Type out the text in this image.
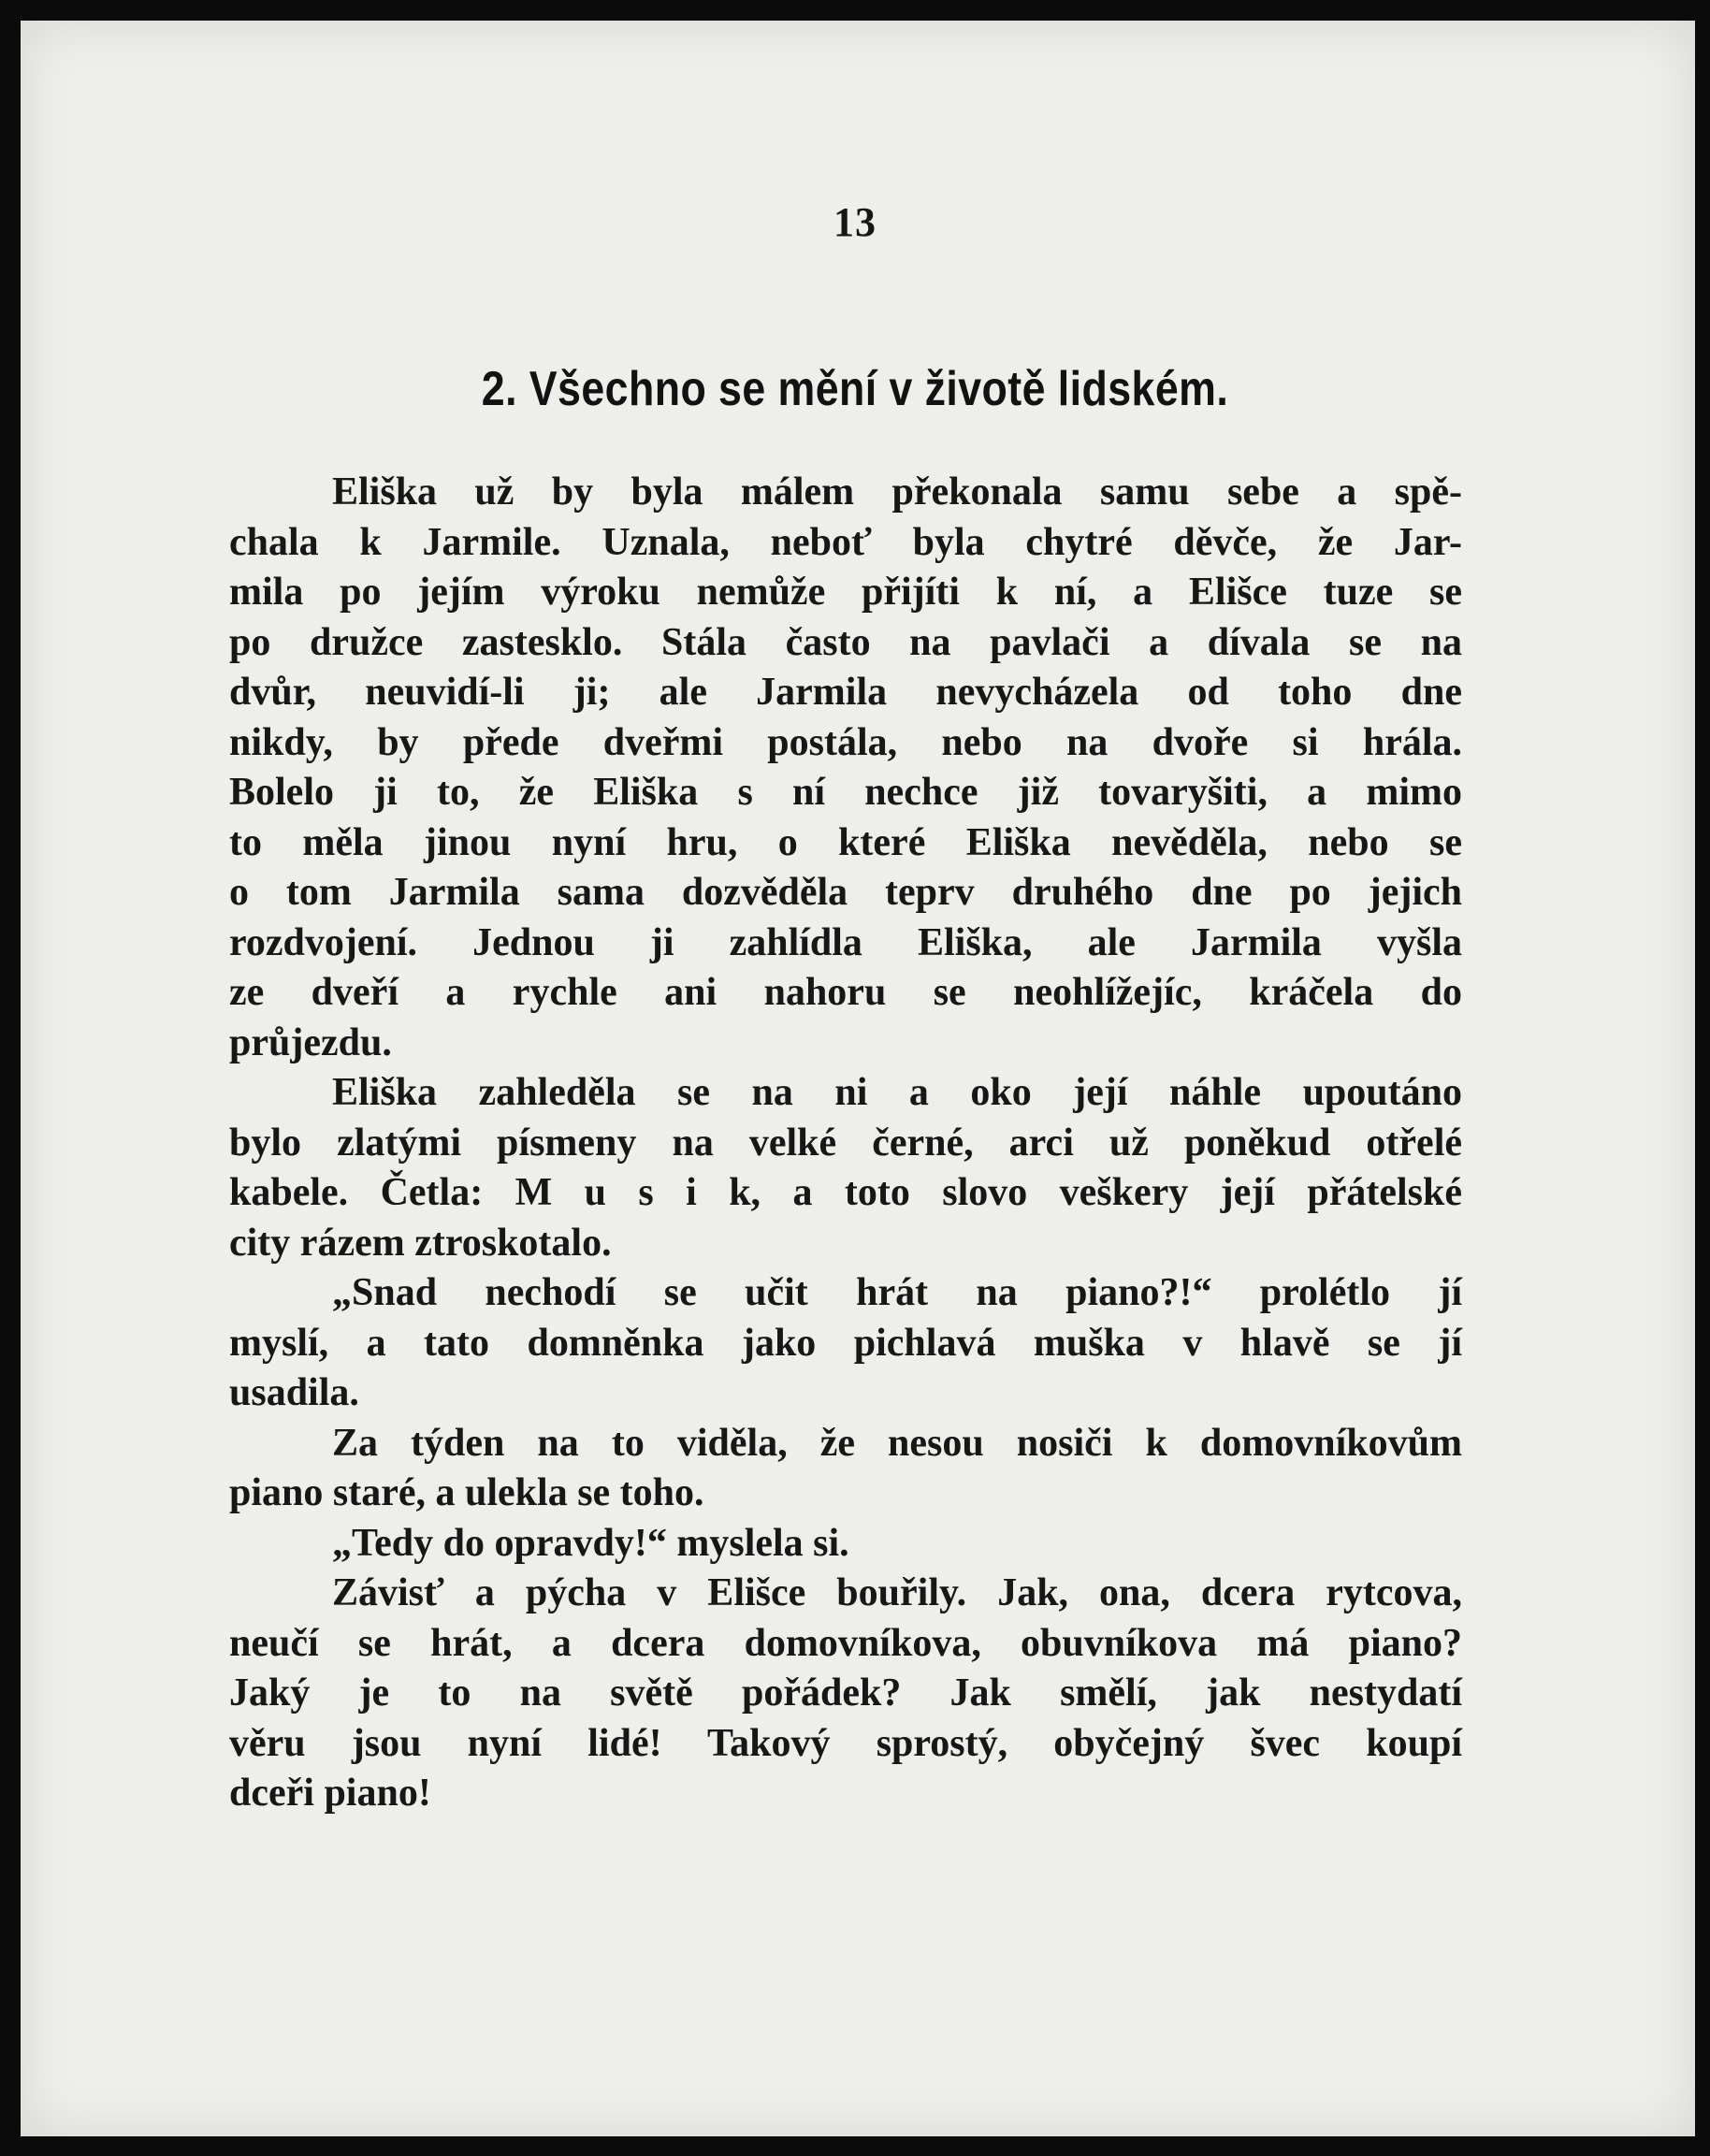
13
2. Všechno se mění v životě lidském.
Eliška už by byla málem překonala samu sebe a spě-
chala k Jarmile. Uznala, neboť byla chytré děvče, že Jar-
mila po jejím výroku nemůže přijíti k ní, a Elišce tuze se
po družce zastesklo. Stála často na pavlači a dívala se na
dvůr, neuvidí-li ji; ale Jarmila nevycházela od toho dne
nikdy, by přede dveřmi postála, nebo na dvoře si hrála.
Bolelo ji to, že Eliška s ní nechce již tovaryšiti, a mimo
to měla jinou nyní hru, o které Eliška nevěděla, nebo se
o tom Jarmila sama dozvěděla teprv druhého dne po jejich
rozdvojení. Jednou ji zahlídla Eliška, ale Jarmila vyšla
ze dveří a rychle ani nahoru se neohlížejíc, kráčela do
průjezdu.
Eliška zahleděla se na ni a oko její náhle upoutáno
bylo zlatými písmeny na velké černé, arci už poněkud otřelé
kabele. Četla: M u s i k, a toto slovo veškery její přátelské
city rázem ztroskotalo.
„Snad nechodí se učit hrát na piano?!“ prolétlo jí
myslí, a tato domněnka jako pichlavá muška v hlavě se jí
usadila.
Za týden na to viděla, že nesou nosiči k domovníkovům
piano staré, a ulekla se toho.
„Tedy do opravdy!“ myslela si.
Závisť a pýcha v Elišce bouřily. Jak, ona, dcera rytcova,
neučí se hrát, a dcera domovníkova, obuvníkova má piano?
Jaký je to na světě pořádek? Jak smělí, jak nestydatí
věru jsou nyní lidé! Takový sprostý, obyčejný švec koupí
dceři piano!
